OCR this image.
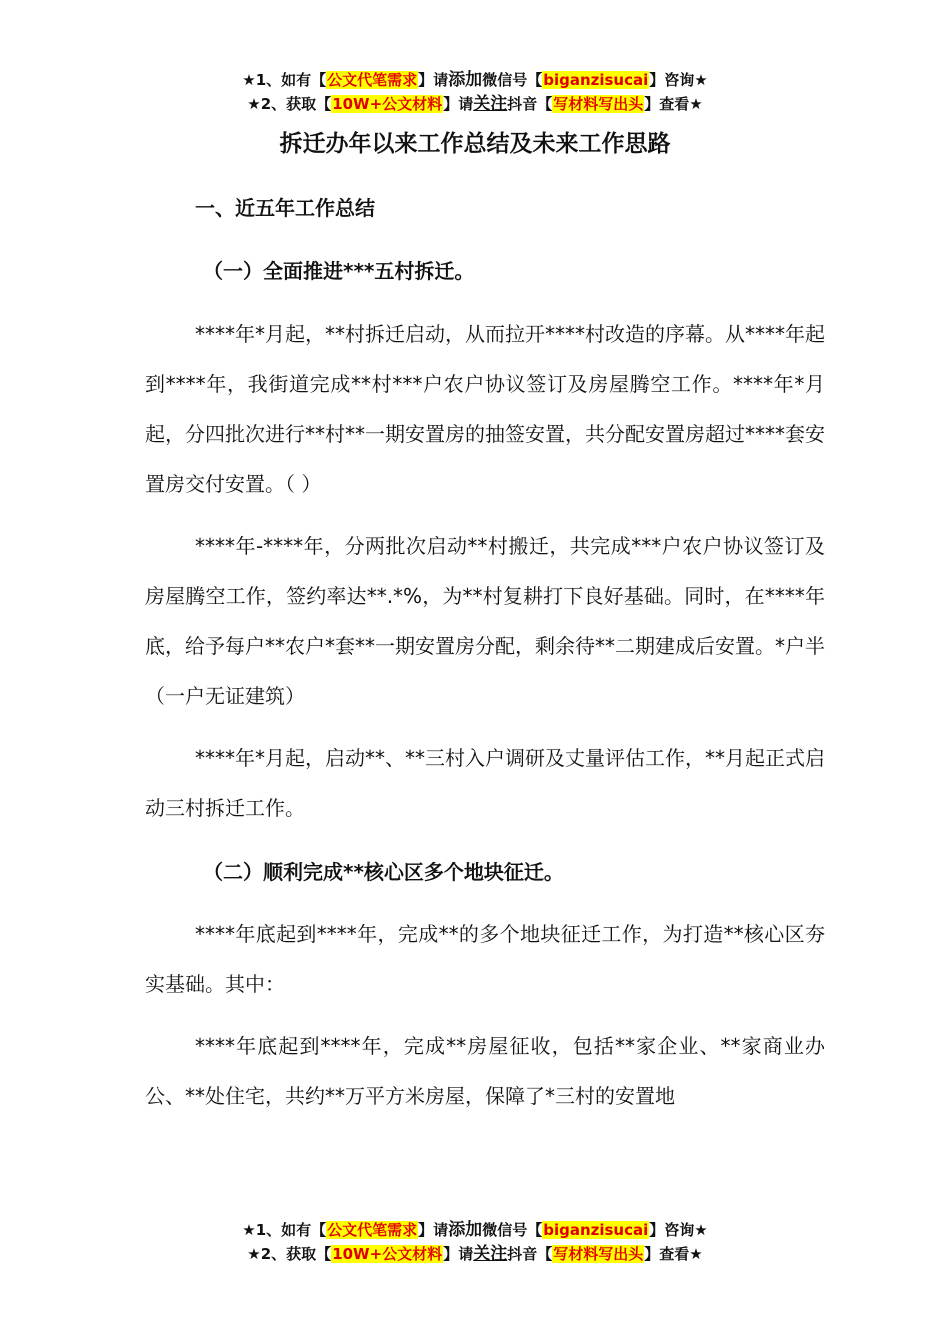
★1、如有【公文代笔需求】请添加微信号【biganzisucai】咨询★
★2、获取【10W+公文材料】请关注抖音【写材料写出头】查看★
拆迁办年以来工作总结及未来工作思路
一、近五年工作总结
（一）全面推进***五村拆迁。

****年*月起，**村拆迁启动，从而拉开****村改造的序幕。从****年起到****年，我街道完成**村***户农户协议签订及房屋腾空工作。****年*月起，分四批次进行**村**一期安置房的抽签安置，共分配安置房超过****套安置房交付安置。（ ）

****年-****年，分两批次启动**村搬迁，共完成***户农户协议签订及房屋腾空工作，签约率达**.*%，为**村复耕打下良好基础。同时，在****年底，给予每户**农户*套**一期安置房分配，剩余待**二期建成后安置。*户半（一户无证建筑）

****年*月起，启动**、**三村入户调研及丈量评估工作，**月起正式启动三村拆迁工作。

（二）顺利完成**核心区多个地块征迁。

****年底起到****年，完成**的多个地块征迁工作，为打造**核心区夯实基础。其中：

****年底起到****年，完成**房屋征收，包括**家企业、**家商业办公、**处住宅，共约**万平方米房屋，保障了*三村的安置地

★1、如有【公文代笔需求】请添加微信号【biganzisucai】咨询★
★2、获取【10W+公文材料】请关注抖音【写材料写出头】查看★
